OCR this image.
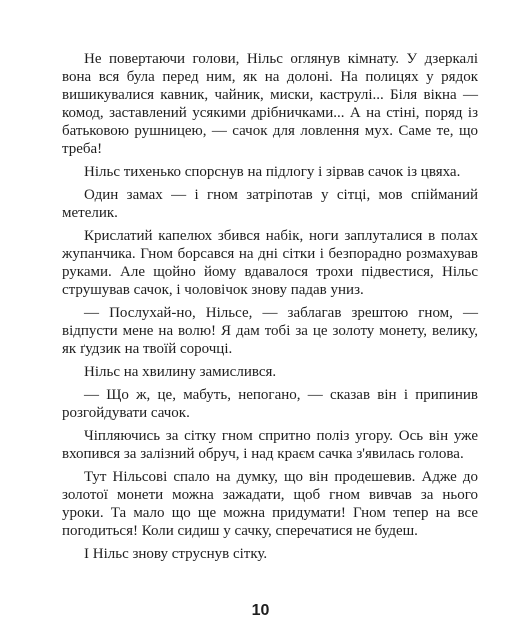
Не повертаючи голови, Нільс оглянув кімнату. У дзеркалі вона вся була перед ним, як на долоні. На полицях у рядок вишикувалися кавник, чайник, миски, каструлі... Біля вікна — комод, заставлений усякими дрібничками... А на стіні, поряд із батьковою рушницею, — сачок для ловлення мух. Саме те, що треба!

Нільс тихенько спорснув на підлогу і зірвав сачок із цвяха.

Один замах — і гном затріпотав у сітці, мов спійманий метелик.

Крислатий капелюх збився набік, ноги заплуталися в полах жупанчика. Гном борсався на дні сітки і безпорадно розмахував руками. Але щойно йому вдавалося трохи підвестися, Нільс струшував сачок, і чоловічок знову падав униз.

— Послухай-но, Нільсе, — заблагав зрештою гном, — відпусти мене на волю! Я дам тобі за це золоту монету, велику, як ґудзик на твоїй сорочці.

Нільс на хвилину замислився.

— Що ж, це, мабуть, непогано, — сказав він і припинив розгойдувати сачок.

Чіпляючись за сітку гном спритно поліз угору. Ось він уже вхопився за залізний обруч, і над краєм сачка з'явилась голова.

Тут Нільсові спало на думку, що він продешевив. Адже до золотої монети можна зажадати, щоб гном вивчав за нього уроки. Та мало що ще можна придумати! Гном тепер на все погодиться! Коли сидиш у сачку, сперечатися не будеш.

І Нільс знову струснув сітку.

10
